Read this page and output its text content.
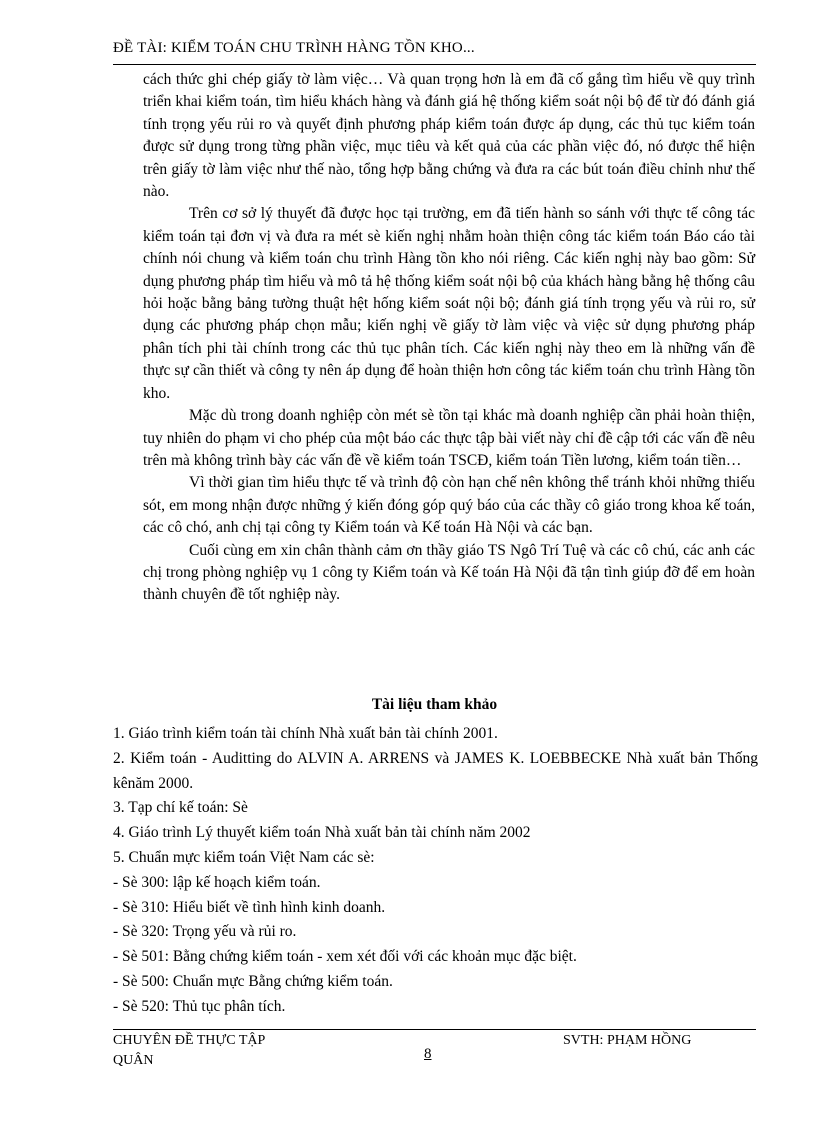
ĐỀ TÀI: KIỂM TOÁN CHU TRÌNH HÀNG TỒN KHO...

cách thức ghi chép giấy tờ làm việc… Và quan trọng hơn là em đã cố gắng tìm hiểu về quy trình triển khai kiểm toán, tìm hiểu khách hàng và đánh giá hệ thống kiểm soát nội bộ để từ đó đánh giá tính trọng yếu rủi ro và quyết định phương pháp kiểm toán được áp dụng, các thủ tục kiểm toán được sử dụng trong từng phần việc, mục tiêu và kết quả của các phần việc đó, nó được thể hiện trên giấy tờ làm việc như thế nào, tổng hợp bằng chứng và đưa ra các bút toán điều chỉnh như thế nào.

Trên cơ sở lý thuyết đã được học tại trường, em đã tiến hành so sánh với thực tế công tác kiểm toán tại đơn vị và đưa ra mét sè kiến nghị nhằm hoàn thiện công tác kiểm toán Báo cáo tài chính nói chung và kiểm toán chu trình Hàng tồn kho nói riêng. Các kiến nghị này bao gồm: Sử dụng phương pháp tìm hiểu và mô tả hệ thống kiểm soát nội bộ của khách hàng bằng hệ thống câu hỏi hoặc bằng bảng tường thuật hệt hống kiểm soát nội bộ; đánh giá tính trọng yếu và rủi ro, sử dụng các phương pháp chọn mẫu; kiến nghị về giấy tờ làm việc và việc sử dụng phương pháp phân tích phi tài chính trong các thủ tục phân tích. Các kiến nghị này theo em là những vấn đề thực sự cần thiết và công ty nên áp dụng để hoàn thiện hơn công tác kiểm toán chu trình Hàng tồn kho.

Mặc dù trong doanh nghiệp còn mét sè tồn tại khác mà doanh nghiệp cần phải hoàn thiện, tuy nhiên do phạm vi cho phép của một báo các thực tập bài viết này chỉ đề cập tới các vấn đề nêu trên mà không trình bày các vấn đề về kiểm toán TSCĐ, kiểm toán Tiền lương, kiểm toán tiền…

Vì thời gian tìm hiểu thực tế và trình độ còn hạn chế nên không thể tránh khỏi những thiếu sót, em mong nhận được những ý kiến đóng góp quý báo của các thầy cô giáo trong khoa kế toán, các cô chó, anh chị tại công ty Kiểm toán và Kế toán Hà Nội và các bạn.

Cuối cùng em xin chân thành cảm ơn thầy giáo TS Ngô Trí Tuệ và các cô chú, các anh các chị trong phòng nghiệp vụ 1 công ty Kiểm toán và Kế toán Hà Nội đã tận tình giúp đỡ để em hoàn thành chuyên đề tốt nghiệp này.

Tài liệu tham khảo
1. Giáo trình kiểm toán tài chính Nhà xuất bản tài chính 2001.
2. Kiểm toán - Auditting do ALVIN A. ARRENS và JAMES K. LOEBBECKE Nhà xuất bản Thống kênăm 2000.
3. Tạp chí kế toán: Sè
4. Giáo trình Lý thuyết kiểm toán Nhà xuất bản tài chính năm 2002
5. Chuẩn mực kiểm toán Việt Nam các sè:
- Sè 300: lập kế hoạch kiểm toán.
- Sè 310: Hiểu biết về tình hình kinh doanh.
- Sè 320: Trọng yếu và rủi ro.
- Sè 501: Bằng chứng kiểm toán - xem xét đối với các khoản mục đặc biệt.
- Sè 500: Chuẩn mực Bằng chứng kiểm toán.
- Sè 520: Thủ tục phân tích.
CHUYÊN ĐỀ THỰC TẬP
QUÂN
SVTH: PHẠM HỒNG
8
